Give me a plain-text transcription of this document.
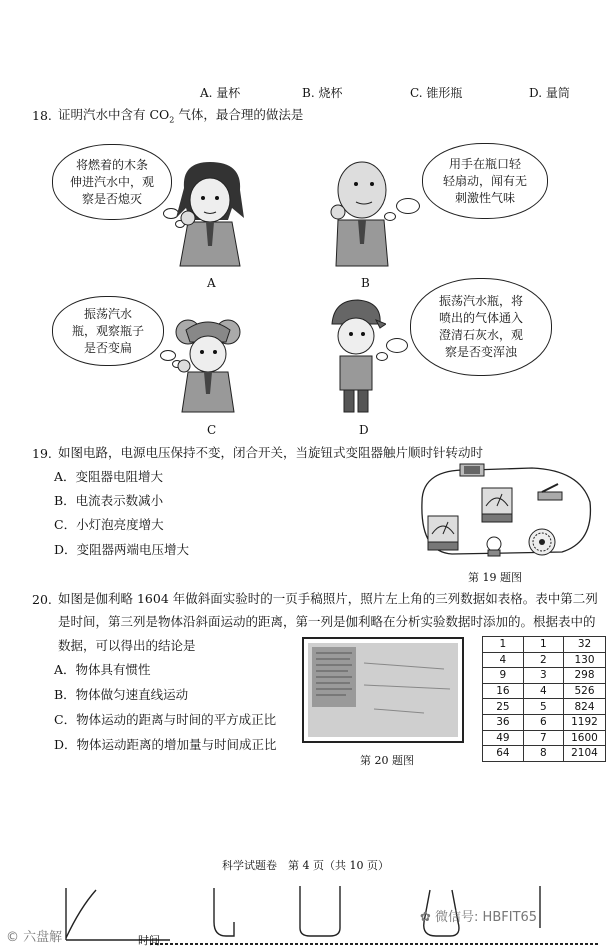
A. 量杯	B. 烧杯	C. 锥形瓶	D. 量筒
18. 证明汽水中含有 $CO_2$ 气体，最合理的做法是
将燃着的木条
伸进汽水中，观
察是否熄灭
A
用手在瓶口轻
轻扇动，闻有无
刺激性气味
B
振荡汽水
瓶，观察瓶子
是否变扁
C
振荡汽水瓶，将
喷出的气体通入
澄清石灰水，观
察是否变浑浊
D
19. 如图电路，电源电压保持不变，闭合开关，当旋钮式变阻器触片顺时针转动时
A．变阻器电阻增大
B．电流表示数减小
C．小灯泡亮度增大
D．变阻器两端电压增大
第 19 题图
20. 如图是伽利略 1604 年做斜面实验时的一页手稿照片，照片左上角的三列数据如表格。表中第二列
是时间，第三列是物体沿斜面运动的距离，第一列是伽利略在分析实验数据时添加的。根据表中的
数据，可以得出的结论是
A．物体具有惯性
B．物体做匀速直线运动
C．物体运动的距离与时间的平方成正比
D．物体运动距离的增加量与时间成正比
1	1	32
4	2	130
9	3	298
16	4	526
25	5	824
36	6	1192
49	7	1600
64	8	2104
第 20 题图
科学试题卷　第 4 页（共 10 页）
时间
© 六盘解
✿ 微信号: HBFIT65
